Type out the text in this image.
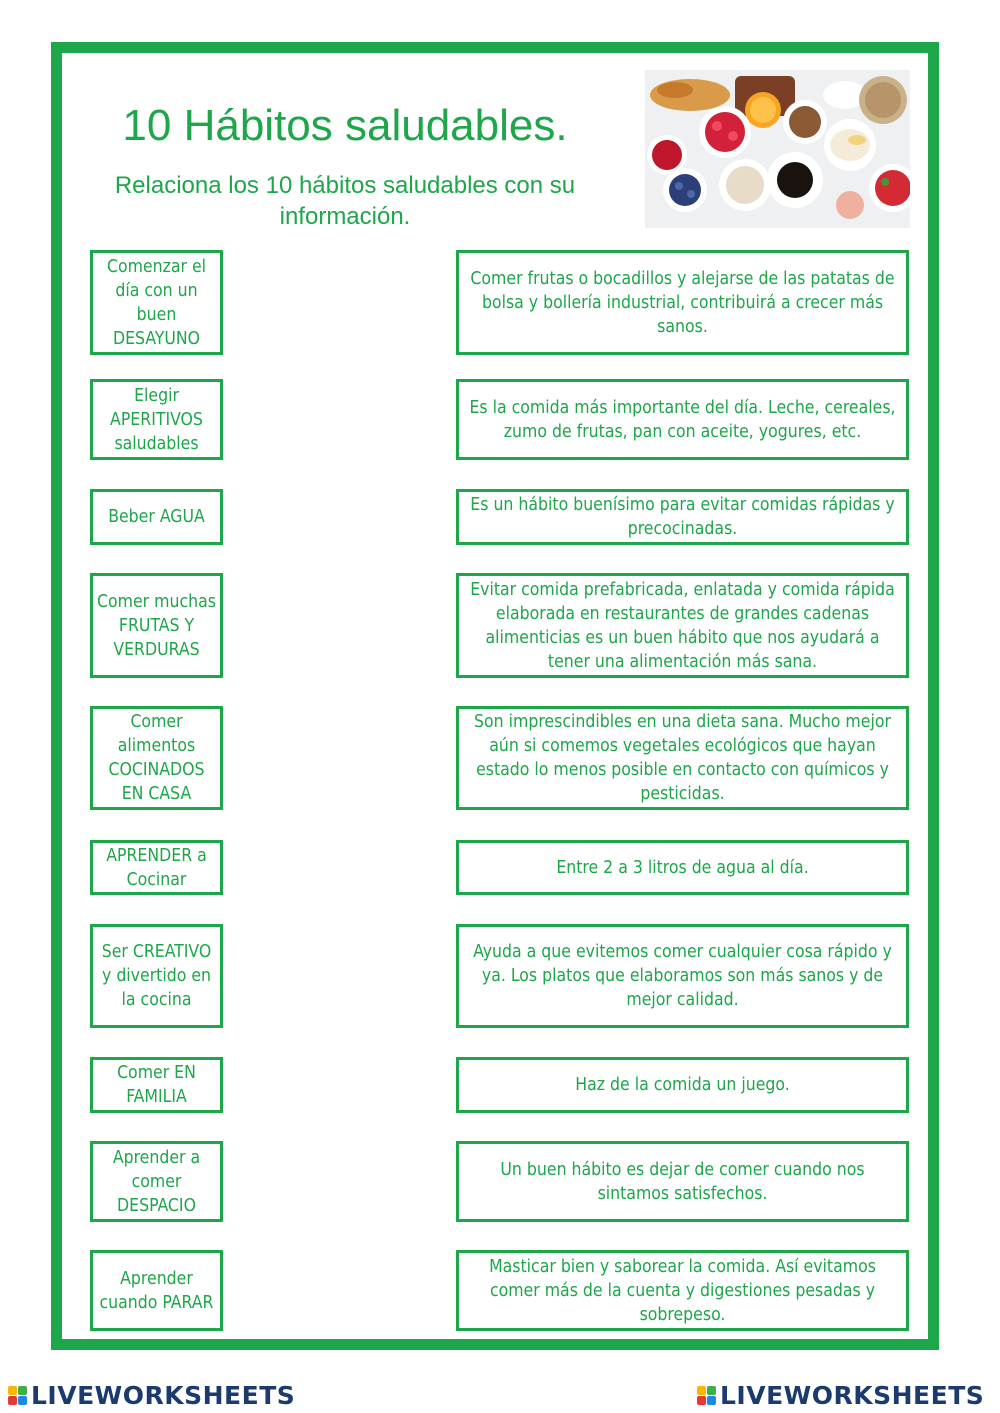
10 Hábitos saludables.

Relaciona los 10 hábitos saludables con su información.

Comenzar el día con un buen DESAYUNO
Elegir APERITIVOS saludables
Beber AGUA
Comer muchas FRUTAS Y VERDURAS
Comer alimentos COCINADOS EN CASA
APRENDER a Cocinar
Ser CREATIVO y divertido en la cocina
Comer EN FAMILIA
Aprender a comer DESPACIO
Aprender cuando PARAR
Comer frutas o bocadillos y alejarse de las patatas de bolsa y bollería industrial, contribuirá a crecer más sanos.
Es la comida más importante del día. Leche, cereales, zumo de frutas, pan con aceite, yogures, etc.
Es un hábito buenísimo para evitar comidas rápidas y precocinadas.
Evitar comida prefabricada, enlatada y comida rápida elaborada en restaurantes de grandes cadenas alimenticias es un buen hábito que nos ayudará a tener una alimentación más sana.
Son imprescindibles en una dieta sana. Mucho mejor aún si comemos vegetales ecológicos que hayan estado lo menos posible en contacto con químicos y pesticidas.
Entre 2 a 3 litros de agua al día.
Ayuda a que evitemos comer cualquier cosa rápido y ya. Los platos que elaboramos son más sanos y de mejor calidad.
Haz de la comida un juego.
Un buen hábito es dejar de comer cuando nos sintamos satisfechos.
Masticar bien y saborear la comida. Así evitamos comer más de la cuenta y digestiones pesadas y sobrepeso.
LIVEWORKSHEETS	LIVEWORKSHEETS
